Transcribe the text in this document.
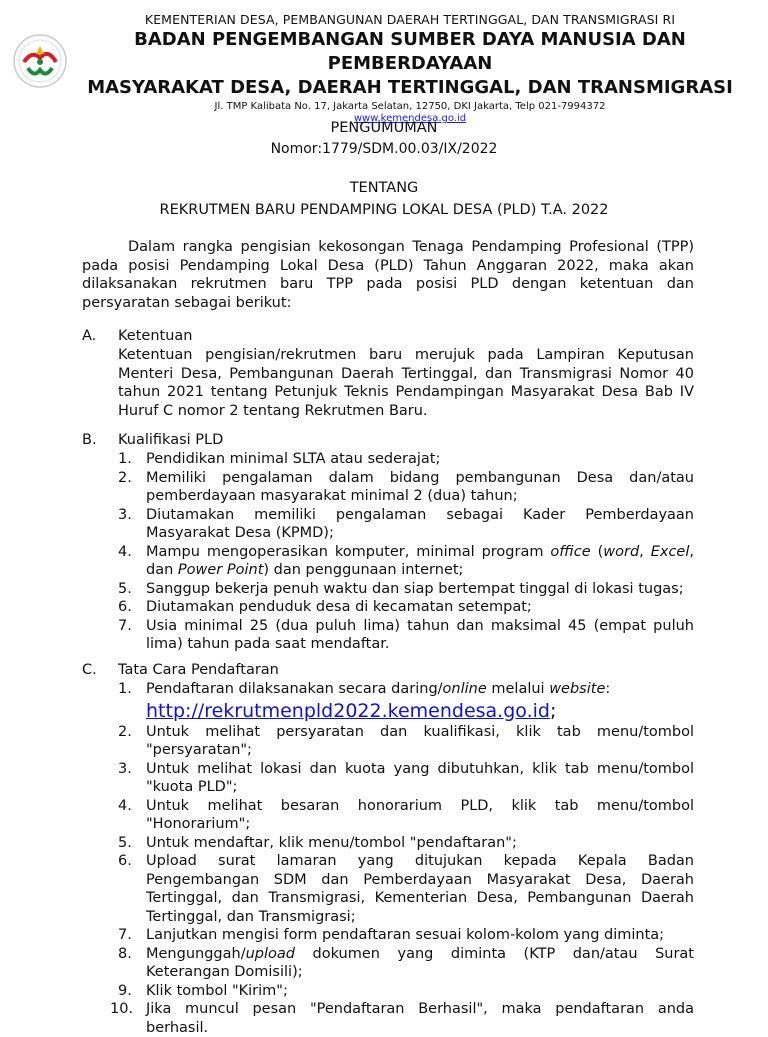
KEMENTERIAN DESA, PEMBANGUNAN DAERAH TERTINGGAL, DAN TRANSMIGRASI RI
BADAN PENGEMBANGAN SUMBER DAYA MANUSIA DAN PEMBERDAYAAN
MASYARAKAT DESA, DAERAH TERTINGGAL, DAN TRANSMIGRASI
Jl. TMP Kalibata No. 17, Jakarta Selatan, 12750, DKI Jakarta, Telp 021-7994372
www.kemendesa.go.id
PENGUMUMAN
Nomor:1779/SDM.00.03/IX/2022
TENTANG
REKRUTMEN BARU PENDAMPING LOKAL DESA (PLD) T.A. 2022
Dalam rangka pengisian kekosongan Tenaga Pendamping Profesional (TPP) pada posisi Pendamping Lokal Desa (PLD) Tahun Anggaran 2022, maka akan dilaksanakan rekrutmen baru TPP pada posisi PLD dengan ketentuan dan persyaratan sebagai berikut:
A. Ketentuan
Ketentuan pengisian/rekrutmen baru merujuk pada Lampiran Keputusan Menteri Desa, Pembangunan Daerah Tertinggal, dan Transmigrasi Nomor 40 tahun 2021 tentang Petunjuk Teknis Pendampingan Masyarakat Desa Bab IV Huruf C nomor 2 tentang Rekrutmen Baru.
B. Kualifikasi PLD
1. Pendidikan minimal SLTA atau sederajat;
2. Memiliki pengalaman dalam bidang pembangunan Desa dan/atau pemberdayaan masyarakat minimal 2 (dua) tahun;
3. Diutamakan memiliki pengalaman sebagai Kader Pemberdayaan Masyarakat Desa (KPMD);
4. Mampu mengoperasikan komputer, minimal program office (word, Excel, dan Power Point) dan penggunaan internet;
5. Sanggup bekerja penuh waktu dan siap bertempat tinggal di lokasi tugas;
6. Diutamakan penduduk desa di kecamatan setempat;
7. Usia minimal 25 (dua puluh lima) tahun dan maksimal 45 (empat puluh lima) tahun pada saat mendaftar.
C. Tata Cara Pendaftaran
1. Pendaftaran dilaksanakan secara daring/online melalui website:
http://rekrutmenpld2022.kemendesa.go.id;
2. Untuk melihat persyaratan dan kualifikasi, klik tab menu/tombol "persyaratan";
3. Untuk melihat lokasi dan kuota yang dibutuhkan, klik tab menu/tombol "kuota PLD";
4. Untuk melihat besaran honorarium PLD, klik tab menu/tombol "Honorarium";
5. Untuk mendaftar, klik menu/tombol "pendaftaran";
6. Upload surat lamaran yang ditujukan kepada Kepala Badan Pengembangan SDM dan Pemberdayaan Masyarakat Desa, Daerah Tertinggal, dan Transmigrasi, Kementerian Desa, Pembangunan Daerah Tertinggal, dan Transmigrasi;
7. Lanjutkan mengisi form pendaftaran sesuai kolom-kolom yang diminta;
8. Mengunggah/upload dokumen yang diminta (KTP dan/atau Surat Keterangan Domisili);
9. Klik tombol "Kirim";
10. Jika muncul pesan "Pendaftaran Berhasil", maka pendaftaran anda berhasil.
